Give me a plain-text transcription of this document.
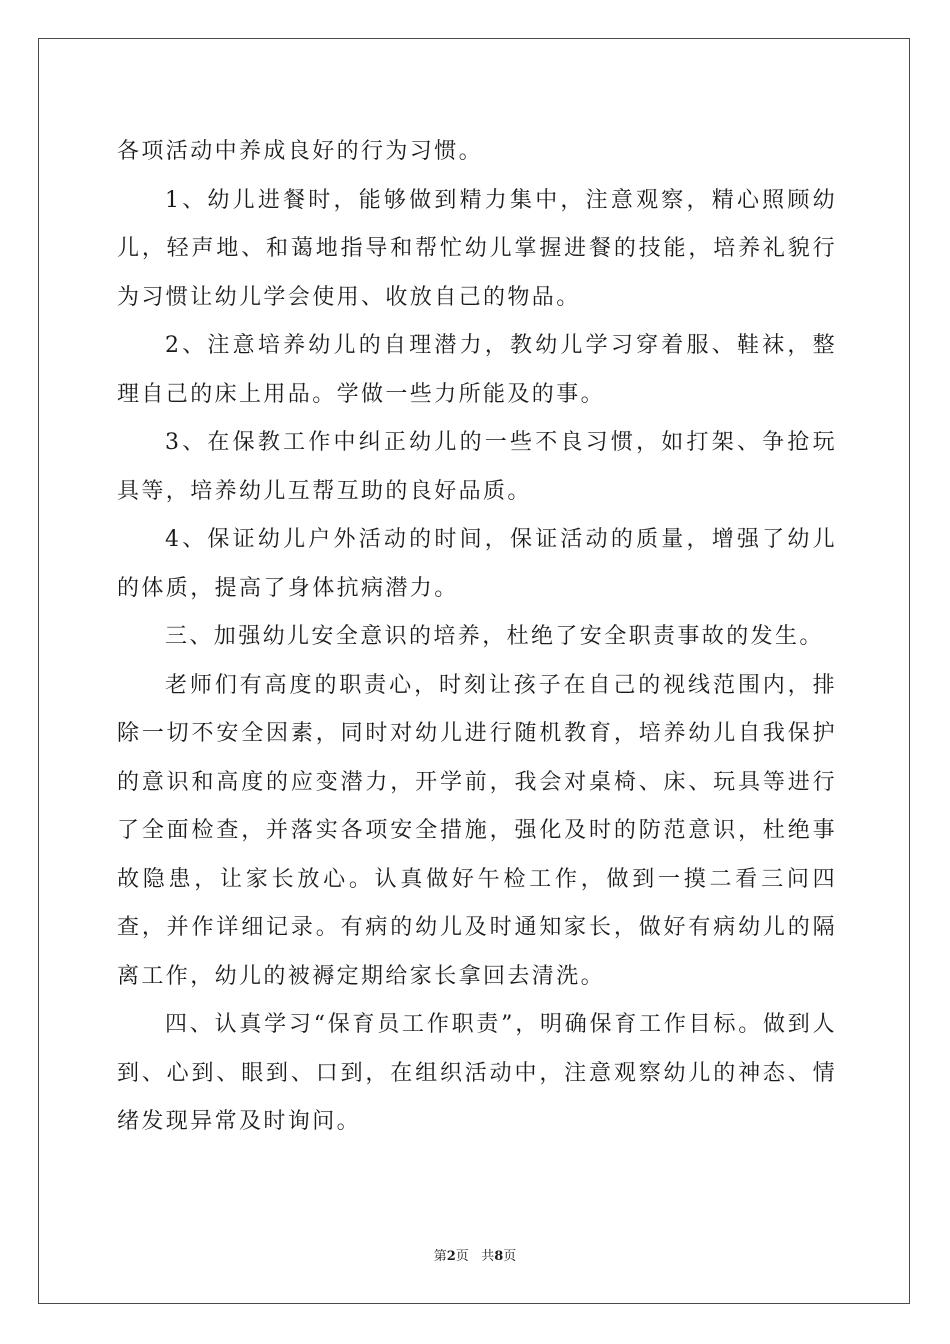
各项活动中养成良好的行为习惯。

1、幼儿进餐时，能够做到精力集中，注意观察，精心照顾幼儿，轻声地、和蔼地指导和帮忙幼儿掌握进餐的技能，培养礼貌行为习惯让幼儿学会使用、收放自己的物品。

2、注意培养幼儿的自理潜力，教幼儿学习穿着服、鞋袜，整理自己的床上用品。学做一些力所能及的事。

3、在保教工作中纠正幼儿的一些不良习惯，如打架、争抢玩具等，培养幼儿互帮互助的良好品质。

4、保证幼儿户外活动的时间，保证活动的质量，增强了幼儿的体质，提高了身体抗病潜力。

三、加强幼儿安全意识的培养，杜绝了安全职责事故的发生。

老师们有高度的职责心，时刻让孩子在自己的视线范围内，排除一切不安全因素，同时对幼儿进行随机教育，培养幼儿自我保护的意识和高度的应变潜力，开学前，我会对桌椅、床、玩具等进行了全面检查，并落实各项安全措施，强化及时的防范意识，杜绝事故隐患，让家长放心。认真做好午检工作，做到一摸二看三问四查，并作详细记录。有病的幼儿及时通知家长，做好有病幼儿的隔离工作，幼儿的被褥定期给家长拿回去清洗。

四、认真学习“保育员工作职责”，明确保育工作目标。做到人到、心到、眼到、口到，在组织活动中，注意观察幼儿的神态、情绪发现异常及时询问。

第2页 共8页
